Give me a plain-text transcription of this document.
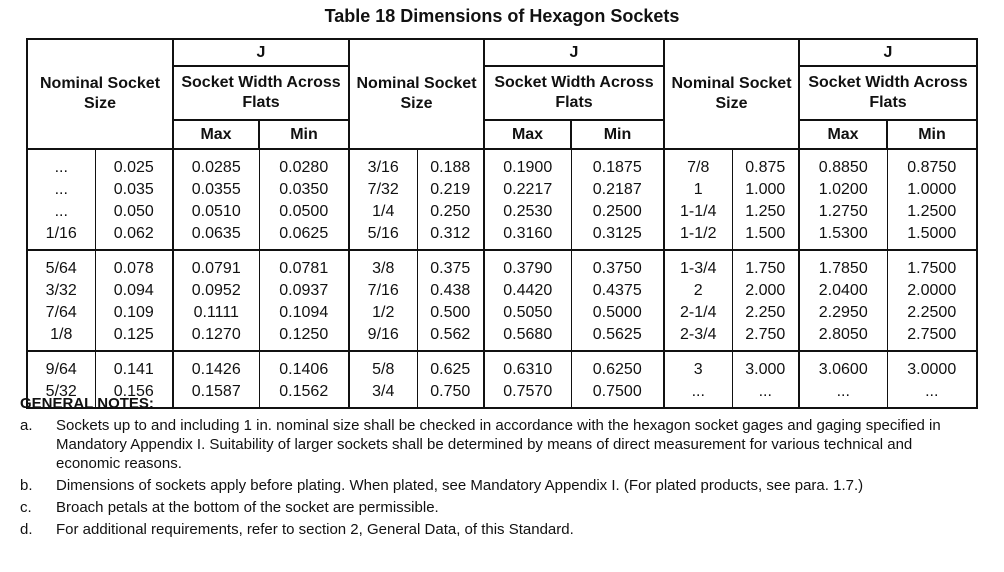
Table 18 Dimensions of Hexagon Sockets
Nominal Socket Size		J		Nominal Socket Size		J		Nominal Socket Size		J	
		Socket Width Across Flats				Socket Width Across Flats				Socket Width Across Flats	
		Max	Min			Max	Min			Max	Min
...	0.025	0.0285	0.0280	3/16	0.188	0.1900	0.1875	7/8	0.875	0.8850	0.8750
...	0.035	0.0355	0.0350	7/32	0.219	0.2217	0.2187	1	1.000	1.0200	1.0000
...	0.050	0.0510	0.0500	1/4	0.250	0.2530	0.2500	1-1/4	1.250	1.2750	1.2500
1/16	0.062	0.0635	0.0625	5/16	0.312	0.3160	0.3125	1-1/2	1.500	1.5300	1.5000
5/64	0.078	0.0791	0.0781	3/8	0.375	0.3790	0.3750	1-3/4	1.750	1.7850	1.7500
3/32	0.094	0.0952	0.0937	7/16	0.438	0.4420	0.4375	2	2.000	2.0400	2.0000
7/64	0.109	0.1111	0.1094	1/2	0.500	0.5050	0.5000	2-1/4	2.250	2.2950	2.2500
1/8	0.125	0.1270	0.1250	9/16	0.562	0.5680	0.5625	2-3/4	2.750	2.8050	2.7500
9/64	0.141	0.1426	0.1406	5/8	0.625	0.6310	0.6250	3	3.000	3.0600	3.0000
5/32	0.156	0.1587	0.1562	3/4	0.750	0.7570	0.7500	...	...	...	...
GENERAL NOTES:
a.	Sockets up to and including 1 in. nominal size shall be checked in accordance with the hexagon socket gages and gaging specified in Mandatory Appendix I. Suitability of larger sockets shall be determined by means of direct measurement for various technical and economic reasons.
b.	Dimensions of sockets apply before plating. When plated, see Mandatory Appendix I. (For plated products, see para. 1.7.)
c.	Broach petals at the bottom of the socket are permissible.
d.	For additional requirements, refer to section 2, General Data, of this Standard.
